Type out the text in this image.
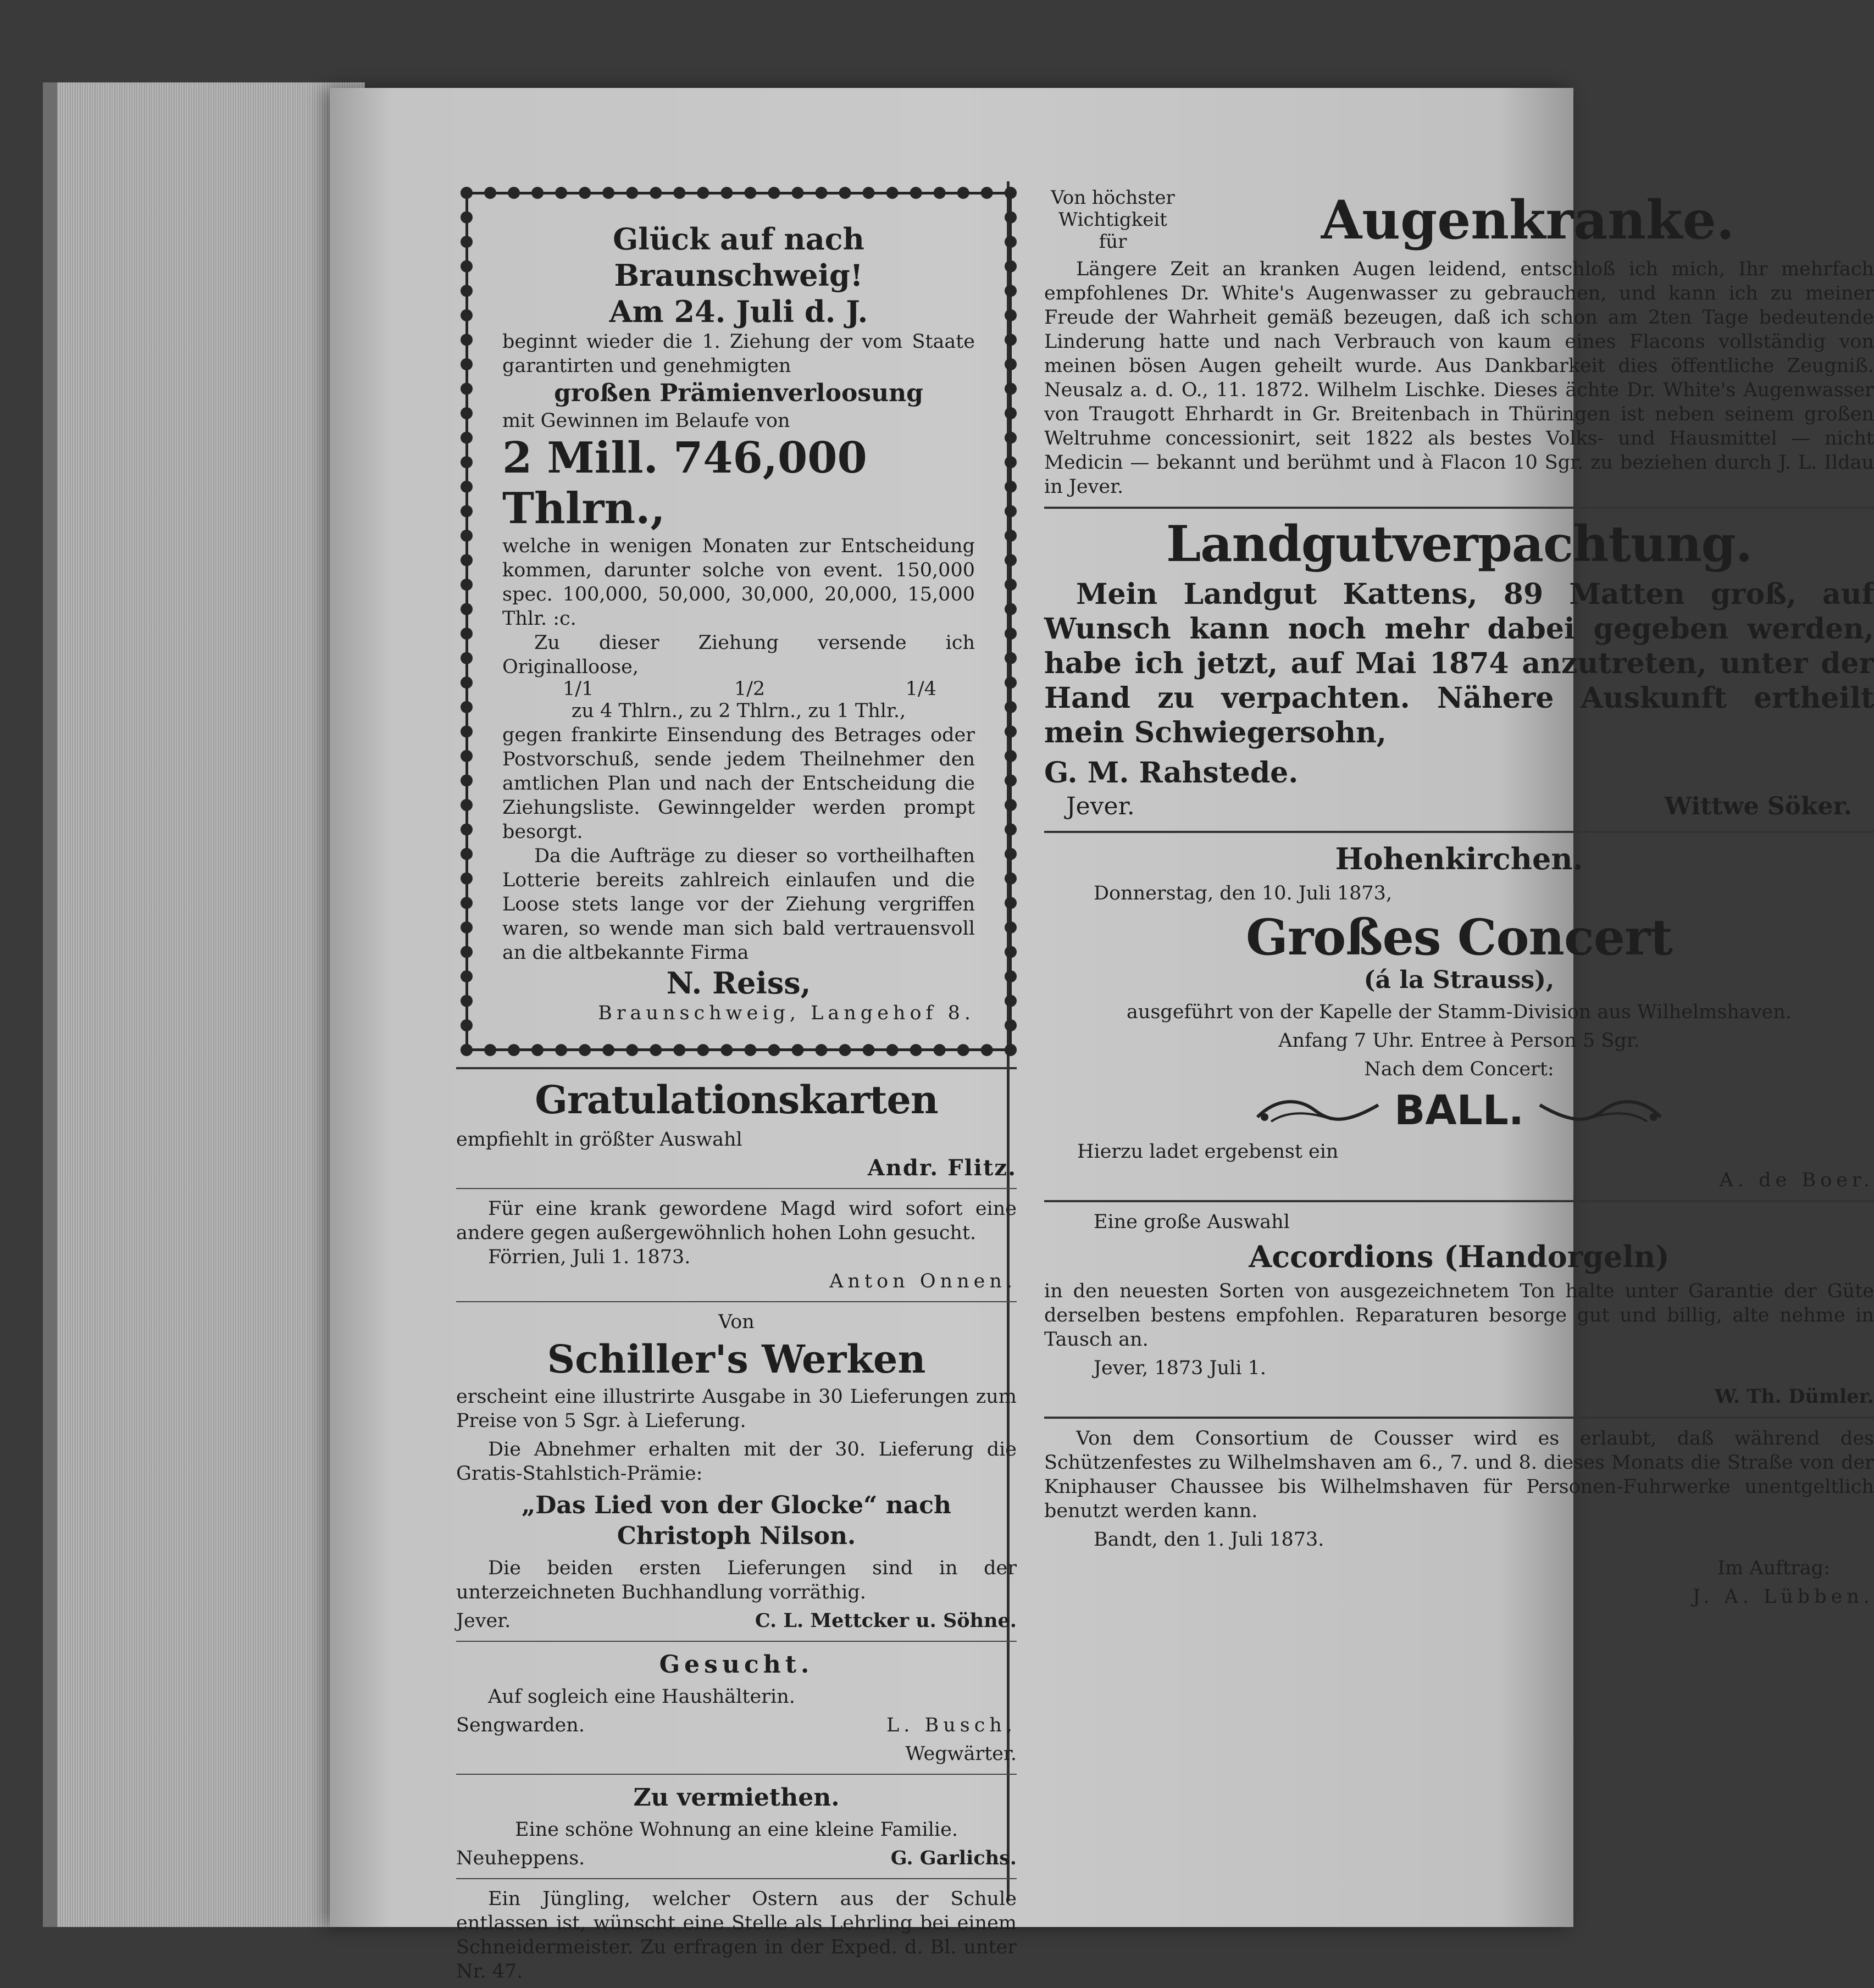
Glück auf nach Braunschweig!
Am 24. Juli d. J.

beginnt wieder die 1. Ziehung der vom Staate garantirten und genehmigten

großen Prämienverloosung

mit Gewinnen im Belaufe von

2 Mill. 746,000 Thlrn.,

welche in wenigen Monaten zur Entscheidung kommen, darunter solche von event. 150,000 spec. 100,000, 50,000, 30,000, 20,000, 15,000 Thlr. :c.

Zu dieser Ziehung versende ich Originalloose,

1/1	1/2	1/4

zu 4 Thlrn., zu 2 Thlrn., zu 1 Thlr.,

gegen frankirte Einsendung des Betrages oder Postvorschuß, sende jedem Theilnehmer den amtlichen Plan und nach der Entscheidung die Ziehungsliste. Gewinngelder werden prompt besorgt.

Da die Aufträge zu dieser so vortheilhaften Lotterie bereits zahlreich einlaufen und die Loose stets lange vor der Ziehung vergriffen waren, so wende man sich bald vertrauensvoll an die altbekannte Firma

N. Reiss,

Braunschweig, Langehof 8.

Gratulationskarten

empfiehlt in größter Auswahl

Andr. Flitz.

Für eine krank gewordene Magd wird sofort eine andere gegen außergewöhnlich hohen Lohn gesucht.

Förrien, Juli 1. 1873.

Anton Onnen.

Von

Schiller's Werken

erscheint eine illustrirte Ausgabe in 30 Lieferungen zum Preise von 5 Sgr. à Lieferung.

Die Abnehmer erhalten mit der 30. Lieferung die Gratis-Stahlstich-Prämie:

„Das Lied von der Glocke“ nach Christoph Nilson.

Die beiden ersten Lieferungen sind in der unterzeichneten Buchhandlung vorräthig.

Jever.	C. L. Mettcker u. Söhne.
Gesucht.

Auf sogleich eine Haushälterin.

Sengwarden.	L. Busch,

Wegwärter.

Zu vermiethen.

Eine schöne Wohnung an eine kleine Familie.

Neuheppens.	G. Garlichs.

Ein Jüngling, welcher Ostern aus der Schule entlassen ist, wünscht eine Stelle als Lehrling bei einem Schneidermeister. Zu erfragen in der Exped. d. Bl. unter Nr. 47.

Von höchster
Wichtigkeit
für	Augenkranke.

Längere Zeit an kranken Augen leidend, entschloß ich mich, Ihr mehrfach empfohlenes Dr. White's Augenwasser zu gebrauchen, und kann ich zu meiner Freude der Wahrheit gemäß bezeugen, daß ich schon am 2ten Tage bedeutende Linderung hatte und nach Verbrauch von kaum eines Flacons vollständig von meinen bösen Augen geheilt wurde. Aus Dankbarkeit dies öffentliche Zeugniß. Neusalz a. d. O., 11. 1872. Wilhelm Lischke. Dieses ächte Dr. White's Augenwasser von Traugott Ehrhardt in Gr. Breitenbach in Thüringen ist neben seinem großen Weltruhme concessionirt, seit 1822 als bestes Volks- und Hausmittel — nicht Medicin — bekannt und berühmt und à Flacon 10 Sgr. zu beziehen durch J. L. Ildau in Jever.

Landgutverpachtung.

Mein Landgut Kattens, 89 Matten groß, auf Wunsch kann noch mehr dabei gegeben werden, habe ich jetzt, auf Mai 1874 anzutreten, unter der Hand zu verpachten. Nähere Auskunft ertheilt mein Schwiegersohn,

G. M. Rahstede.

Jever.	Wittwe Söker.
Hohenkirchen.

Donnerstag, den 10. Juli 1873,

Großes Concert
(á la Strauss),

ausgeführt von der Kapelle der Stamm-Division aus Wilhelmshaven.

Anfang 7 Uhr. Entree à Person 5 Sgr.

Nach dem Concert:

BALL.

Hierzu ladet ergebenst ein

A. de Boer.

Eine große Auswahl

Accordions (Handorgeln)

in den neuesten Sorten von ausgezeichnetem Ton halte unter Garantie der Güte derselben bestens empfohlen. Reparaturen besorge gut und billig, alte nehme in Tausch an.

Jever, 1873 Juli 1.

W. Th. Dümler.

Von dem Consortium de Cousser wird es erlaubt, daß während des Schützenfestes zu Wilhelmshaven am 6., 7. und 8. dieses Monats die Straße von der Kniphauser Chaussee bis Wilhelmshaven für Personen-Fuhrwerke unentgeltlich benutzt werden kann.

Bandt, den 1. Juli 1873.

Im Auftrag:

J. A. Lübben.
